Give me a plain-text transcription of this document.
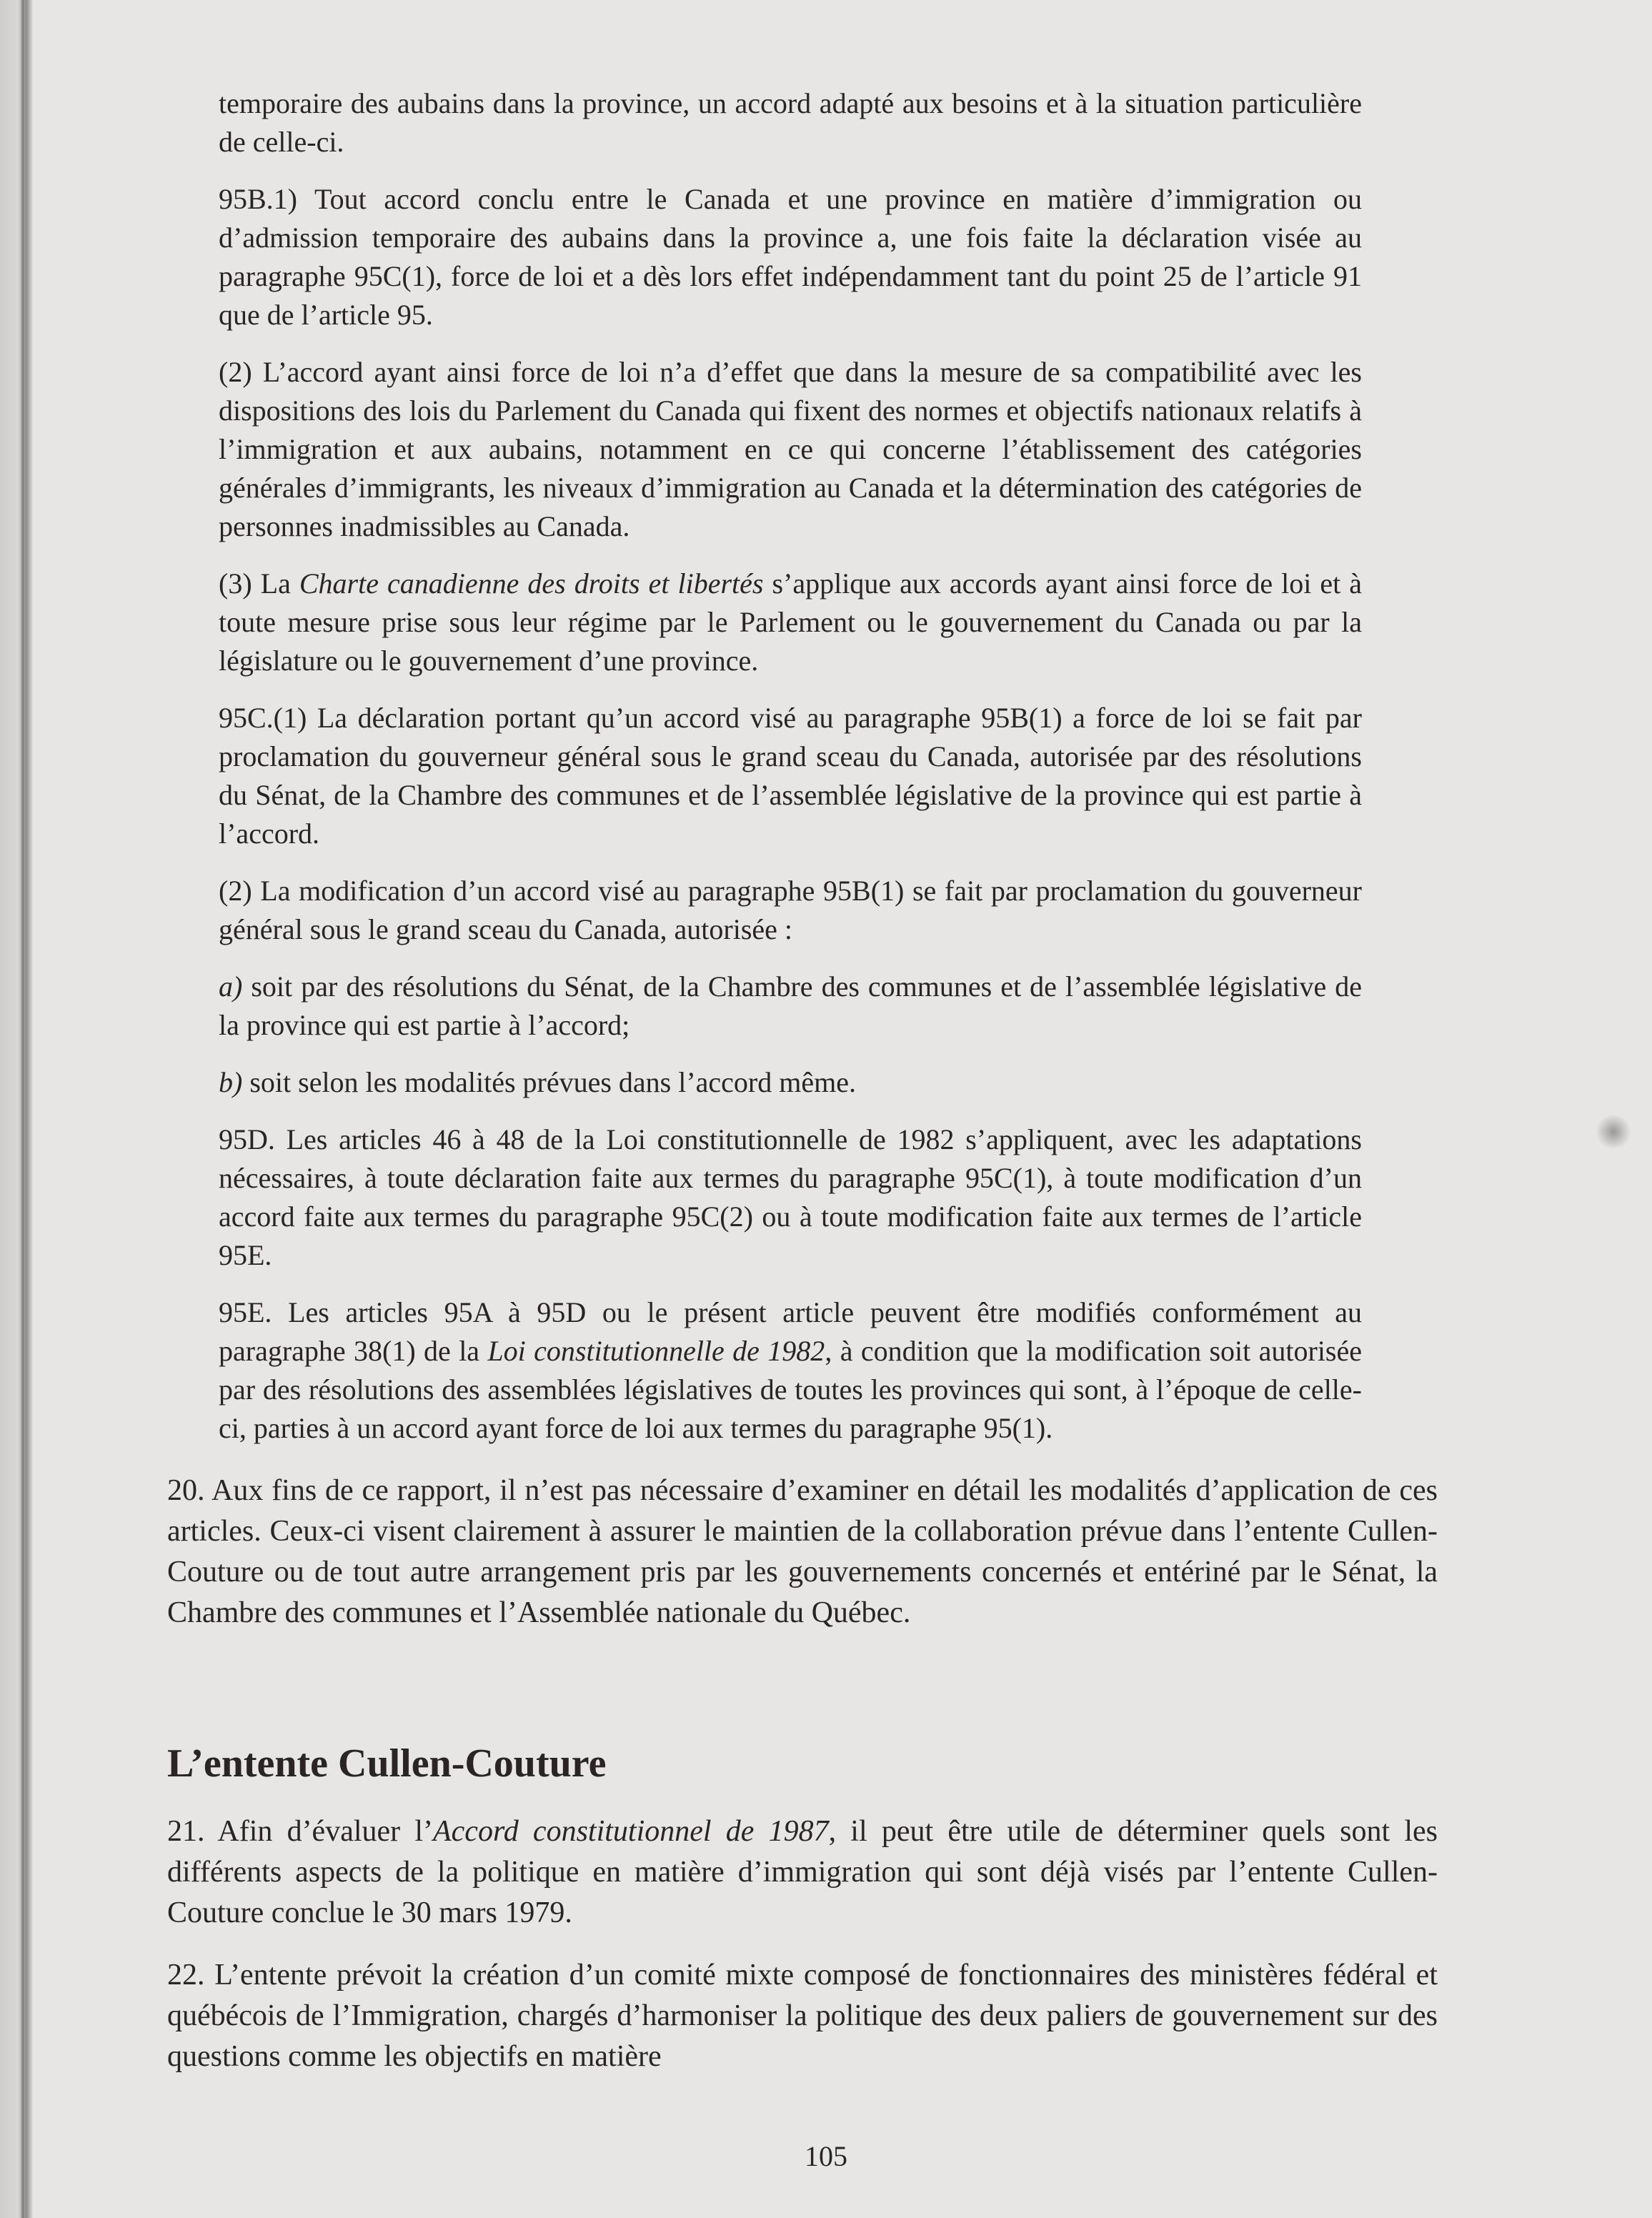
temporaire des aubains dans la province, un accord adapté aux besoins et à la situation particulière de celle-ci.

95B.1) Tout accord conclu entre le Canada et une province en matière d’immigration ou d’admission temporaire des aubains dans la province a, une fois faite la déclaration visée au paragraphe 95C(1), force de loi et a dès lors effet indépendamment tant du point 25 de l’article 91 que de l’article 95.

(2) L’accord ayant ainsi force de loi n’a d’effet que dans la mesure de sa compatibilité avec les dispositions des lois du Parlement du Canada qui fixent des normes et objectifs nationaux relatifs à l’immigration et aux aubains, notamment en ce qui concerne l’établissement des catégories générales d’immigrants, les niveaux d’immigration au Canada et la détermination des catégories de personnes inadmissibles au Canada.

(3) La Charte canadienne des droits et libertés s’applique aux accords ayant ainsi force de loi et à toute mesure prise sous leur régime par le Parlement ou le gouvernement du Canada ou par la législature ou le gouvernement d’une province.

95C.(1) La déclaration portant qu’un accord visé au paragraphe 95B(1) a force de loi se fait par proclamation du gouverneur général sous le grand sceau du Canada, autorisée par des résolutions du Sénat, de la Chambre des communes et de l’assemblée législative de la province qui est partie à l’accord.

(2) La modification d’un accord visé au paragraphe 95B(1) se fait par proclamation du gouverneur général sous le grand sceau du Canada, autorisée :

a) soit par des résolutions du Sénat, de la Chambre des communes et de l’assemblée législative de la province qui est partie à l’accord;

b) soit selon les modalités prévues dans l’accord même.

95D. Les articles 46 à 48 de la Loi constitutionnelle de 1982 s’appliquent, avec les adaptations nécessaires, à toute déclaration faite aux termes du paragraphe 95C(1), à toute modification d’un accord faite aux termes du paragraphe 95C(2) ou à toute modification faite aux termes de l’article 95E.

95E. Les articles 95A à 95D ou le présent article peuvent être modifiés conformément au paragraphe 38(1) de la Loi constitutionnelle de 1982, à condition que la modification soit autorisée par des résolutions des assemblées législatives de toutes les provinces qui sont, à l’époque de celle-ci, parties à un accord ayant force de loi aux termes du paragraphe 95(1).

20. Aux fins de ce rapport, il n’est pas nécessaire d’examiner en détail les modalités d’application de ces articles. Ceux-ci visent clairement à assurer le maintien de la collaboration prévue dans l’entente Cullen-Couture ou de tout autre arrangement pris par les gouvernements concernés et entériné par le Sénat, la Chambre des communes et l’Assemblée nationale du Québec.

L’entente Cullen-Couture

21. Afin d’évaluer l’Accord constitutionnel de 1987, il peut être utile de déterminer quels sont les différents aspects de la politique en matière d’immigration qui sont déjà visés par l’entente Cullen-Couture conclue le 30 mars 1979.

22. L’entente prévoit la création d’un comité mixte composé de fonctionnaires des ministères fédéral et québécois de l’Immigration, chargés d’harmoniser la politique des deux paliers de gouvernement sur des questions comme les objectifs en matière

105
